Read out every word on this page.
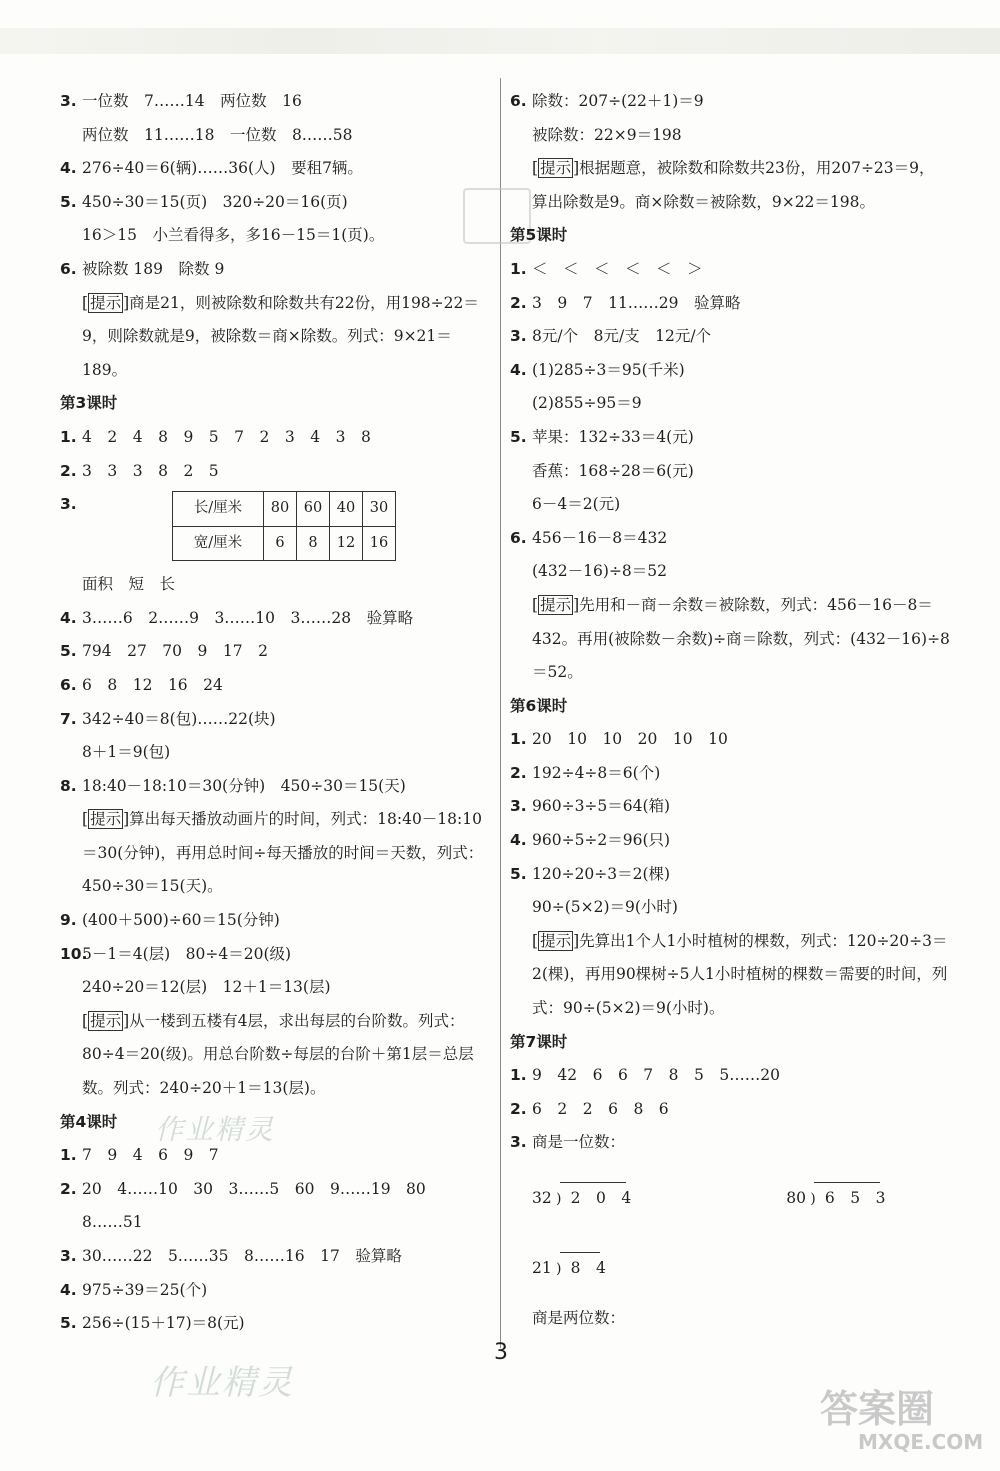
3. 一位数　7……14　两位数　16
两位数　11……18　一位数　8……58
4. 276÷40＝6(辆)……36(人)　要租7辆。
5. 450÷30＝15(页)　320÷20＝16(页)
16＞15　小兰看得多，多16－15＝1(页)。
6. 被除数 189　除数 9
[ 提示 ]商是21，则被除数和除数共有22份，用198÷22＝9，则除数就是9，被除数＝商×除数。列式：9×21＝189。
第3课时
1. 4　2　4　8　9　5　7　2　3　4　3　8
2. 3　3　3　8　2　5
3.	长/厘米	80	60	40	30
宽/厘米	6	8	12	16
面积　短　长
4. 3……6　2……9　3……10　3……28　验算略
5. 794　27　70　9　17　2
6. 6　8　12　16　24
7. 342÷40＝8(包)……22(块)
8＋1＝9(包)
8. 18:40－18:10＝30(分钟)　450÷30＝15(天)
[ 提示 ]算出每天播放动画片的时间，列式：18:40－18:10＝30(分钟)，再用总时间÷每天播放的时间＝天数，列式：450÷30＝15(天)。
9. (400＋500)÷60＝15(分钟)
10.5－1＝4(层)　80÷4＝20(级)
240÷20＝12(层)　12＋1＝13(层)
[ 提示 ]从一楼到五楼有4层，求出每层的台阶数。列式：80÷4＝20(级)。用总台阶数÷每层的台阶＋第1层＝总层数。列式：240÷20＋1＝13(层)。
第4课时
1. 7　9　4　6　9　7
2. 20　4……10　30　3……5　60　9……19　80
8……51
3. 30……22　5……35　8……16　17　验算略
4. 975÷39＝25(个)
5. 256÷(15＋17)＝8(元)
6. 除数：207÷(22＋1)＝9
被除数：22×9＝198
[ 提示 ]根据题意，被除数和除数共23份，用207÷23＝9，算出除数是9。商×除数＝被除数，9×22＝198。
第5课时
1. ＜　＜　＜　＜　＜　＞
2. 3　9　7　11……29　验算略
3. 8元/个　8元/支　12元/个
4. (1)285÷3＝95(千米)
(2)855÷95＝9
5. 苹果：132÷33＝4(元)
香蕉：168÷28＝6(元)
6－4＝2(元)
6. 456－16－8＝432
(432－16)÷8＝52
[ 提示 ]先用和－商－余数＝被除数，列式：456－16－8＝432。再用(被除数－余数)÷商＝除数，列式：(432－16)÷8＝52。
第6课时
1. 20　10　10　20　10　10
2. 192÷4÷8＝6(个)
3. 960÷3÷5＝64(箱)
4. 960÷5÷2＝96(只)
5. 120÷20÷3＝2(棵)
90÷(5×2)＝9(小时)
[ 提示 ]先算出1个人1小时植树的棵数，列式：120÷20÷3＝2(棵)，再用90棵树÷5人1小时植树的棵数＝需要的时间，列式：90÷(5×2)＝9(小时)。
第7课时
1. 9　42　6　6　7　8　5　5……20
2. 6　2　2　6　8　6
3. 商是一位数：
32 ) 2　0　4	80 ) 6　5　3
21 ) 8　4
商是两位数：
3
作业精灵
作业精灵
答案圈
MXQE.COM
